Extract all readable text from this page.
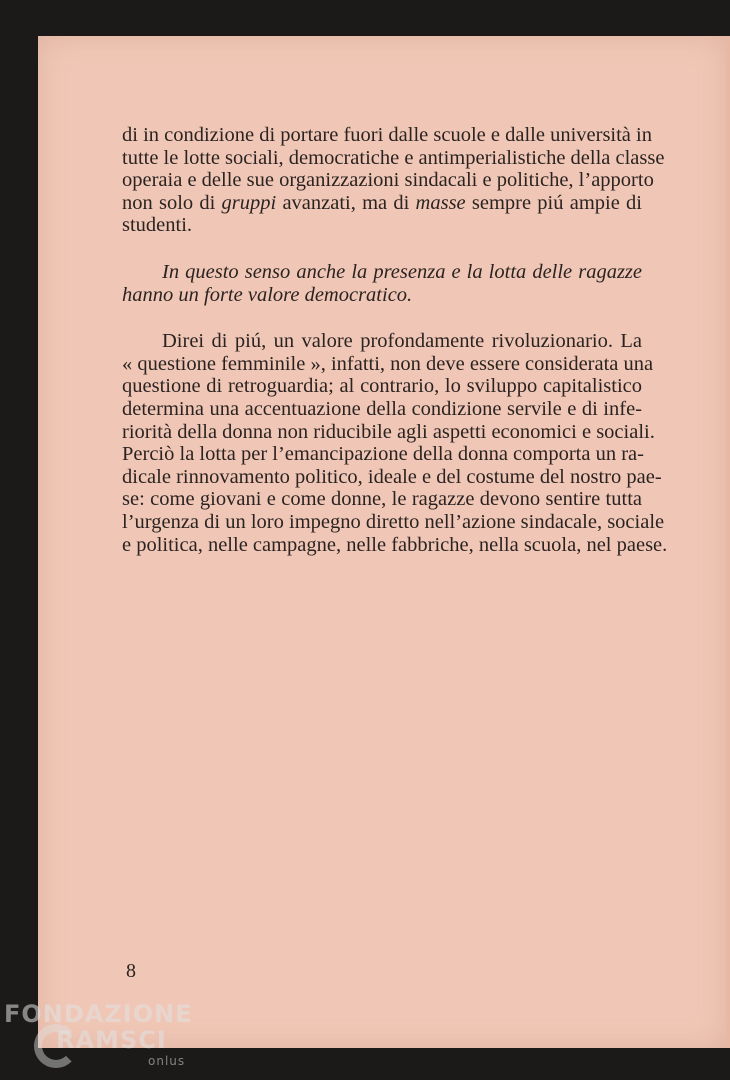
di in condizione di portare fuori dalle scuole e dalle università in
tutte le lotte sociali, democratiche e antimperialistiche della classe
operaia e delle sue organizzazioni sindacali e politiche, l’apporto
non solo di gruppi avanzati, ma di masse sempre piú ampie di
studenti.

In questo senso anche la presenza e la lotta delle ragazze
hanno un forte valore democratico.

Direi di piú, un valore profondamente rivoluzionario. La
« questione femminile », infatti, non deve essere considerata una
questione di retroguardia; al contrario, lo sviluppo capitalistico
determina una accentuazione della condizione servile e di infe-
riorità della donna non riducibile agli aspetti economici e sociali.
Perciò la lotta per l’emancipazione della donna comporta un ra-
dicale rinnovamento politico, ideale e del costume del nostro pae-
se: come giovani e come donne, le ragazze devono sentire tutta
l’urgenza di un loro impegno diretto nell’azione sindacale, sociale
e politica, nelle campagne, nelle fabbriche, nella scuola, nel paese.

8
FONDAZIONE
RAMSCI
onlus
